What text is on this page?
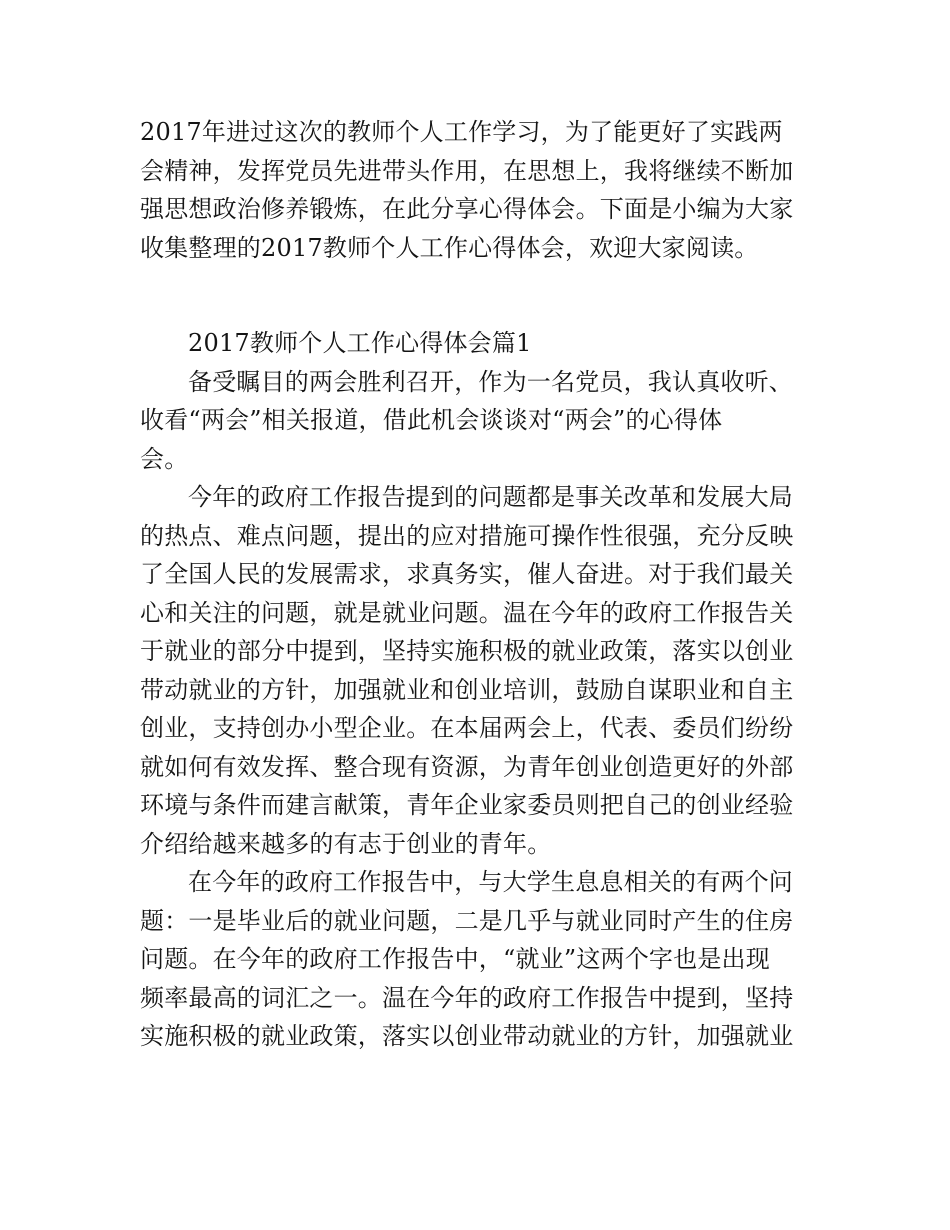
2017年进过这次的教师个人工作学习，为了能更好了实践两
会精神，发挥党员先进带头作用，在思想上，我将继续不断加
强思想政治修养锻炼，在此分享心得体会。下面是小编为大家
收集整理的2017教师个人工作心得体会，欢迎大家阅读。
2017教师个人工作心得体会篇1
备受瞩目的两会胜利召开，作为一名党员，我认真收听、
收看“两会”相关报道，借此机会谈谈对“两会”的心得体
会。
今年的政府工作报告提到的问题都是事关改革和发展大局
的热点、难点问题，提出的应对措施可操作性很强，充分反映
了全国人民的发展需求，求真务实，催人奋进。对于我们最关
心和关注的问题，就是就业问题。温在今年的政府工作报告关
于就业的部分中提到，坚持实施积极的就业政策，落实以创业
带动就业的方针，加强就业和创业培训，鼓励自谋职业和自主
创业，支持创办小型企业。在本届两会上，代表、委员们纷纷
就如何有效发挥、整合现有资源，为青年创业创造更好的外部
环境与条件而建言献策，青年企业家委员则把自己的创业经验
介绍给越来越多的有志于创业的青年。
在今年的政府工作报告中，与大学生息息相关的有两个问
题：一是毕业后的就业问题，二是几乎与就业同时产生的住房
问题。在今年的政府工作报告中，“就业”这两个字也是出现
频率最高的词汇之一。温在今年的政府工作报告中提到，坚持
实施积极的就业政策，落实以创业带动就业的方针，加强就业
